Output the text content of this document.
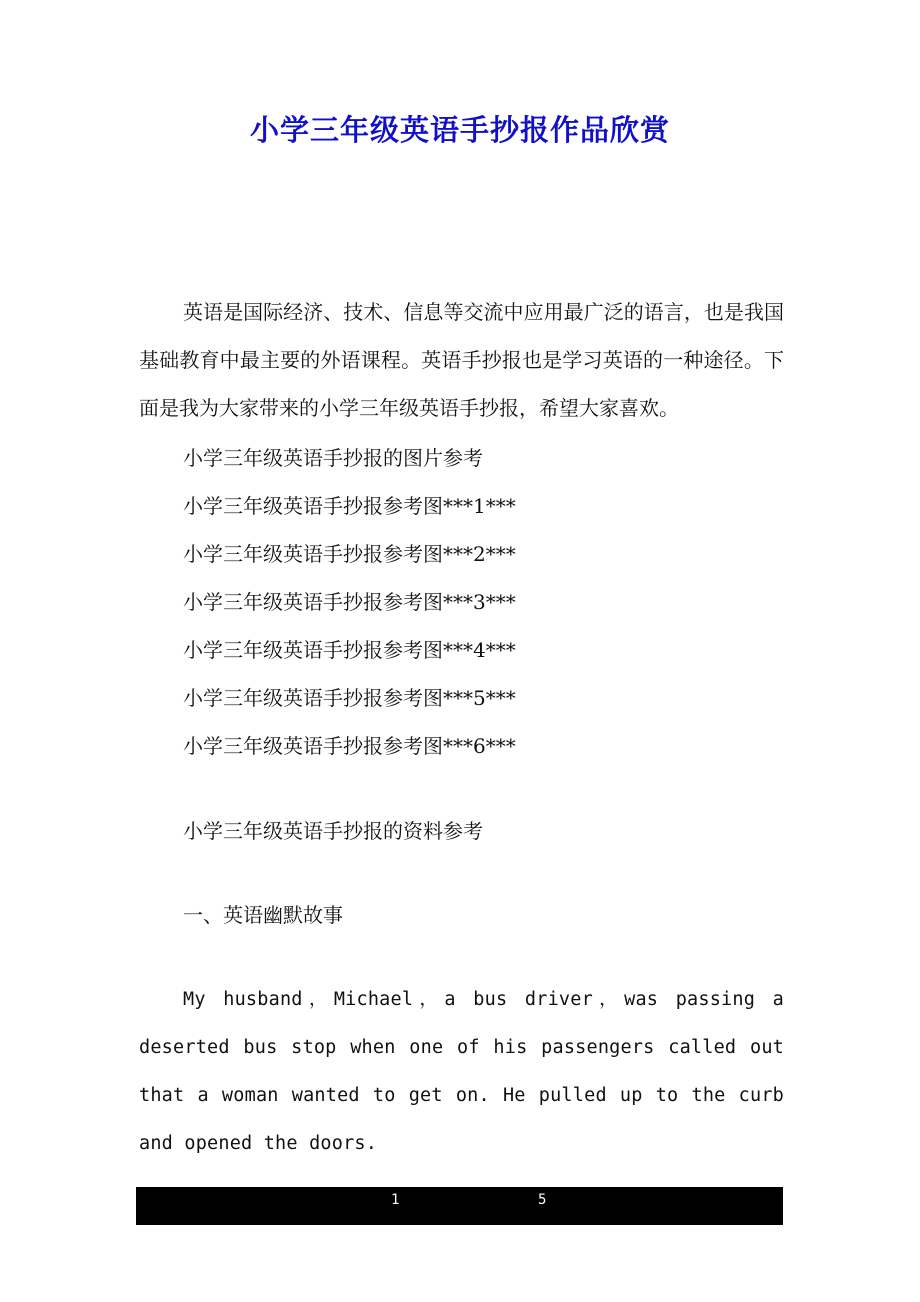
小学三年级英语手抄报作品欣赏

英语是国际经济、技术、信息等交流中应用最广泛的语言，也是我国基础教育中最主要的外语课程。英语手抄报也是学习英语的一种途径。下面是我为大家带来的小学三年级英语手抄报，希望大家喜欢。

小学三年级英语手抄报的图片参考

小学三年级英语手抄报参考图***1***

小学三年级英语手抄报参考图***2***

小学三年级英语手抄报参考图***3***

小学三年级英语手抄报参考图***4***

小学三年级英语手抄报参考图***5***

小学三年级英语手抄报参考图***6***

小学三年级英语手抄报的资料参考

一、英语幽默故事

My husband，Michael，a bus driver，was passing a deserted bus stop when one of his passengers called out that a woman wanted to get on. He pulled up to the curb and opened the doors.

1	5
